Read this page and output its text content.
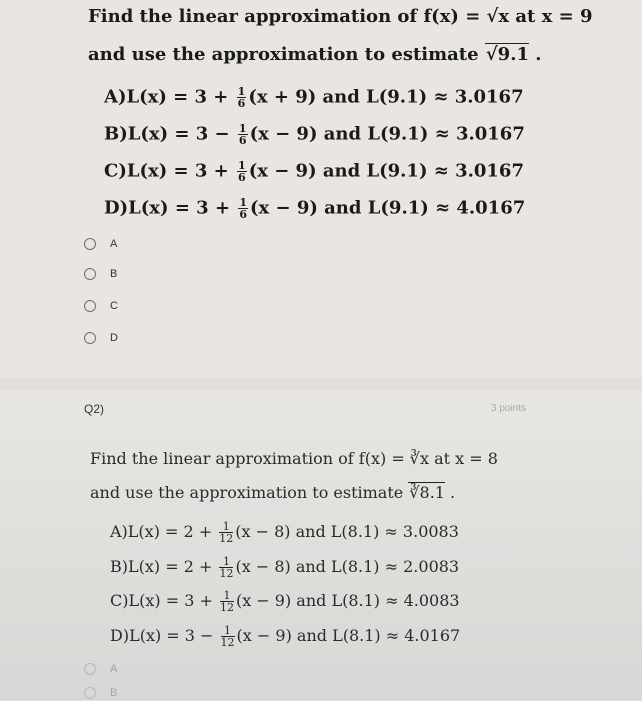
Find the linear approximation of f(x) = √x at x = 9
and use the approximation to estimate √9.1 .
$A)L(x) = 3 + \frac{1}{6} (x + 9)$ and L(9.1) ≈ 3.0167
$B)L(x) = 3 - \frac{1}{6} (x - 9)$ and L(9.1) ≈ 3.0167
$C)L(x) = 3 + \frac{1}{6} (x - 9)$ and L(9.1) ≈ 3.0167
$D)L(x) = 3 + \frac{1}{6} (x - 9)$ and L(9.1) ≈ 4.0167
A
B
C
D
Q2)	3 points
Find the linear approximation of f(x) = ∛x at x = 8
and use the approximation to estimate ∛8.1 .
$A)L(x) = 2 + \frac{1}{12} (x - 8)$ and L(8.1) ≈ 3.0083
$B)L(x) = 2 + \frac{1}{12} (x - 8)$ and L(8.1) ≈ 2.0083
$C)L(x) = 3 + \frac{1}{12} (x - 9)$ and L(8.1) ≈ 4.0083
$D)L(x) = 3 - \frac{1}{12} (x - 9)$ and L(8.1) ≈ 4.0167
A
B
